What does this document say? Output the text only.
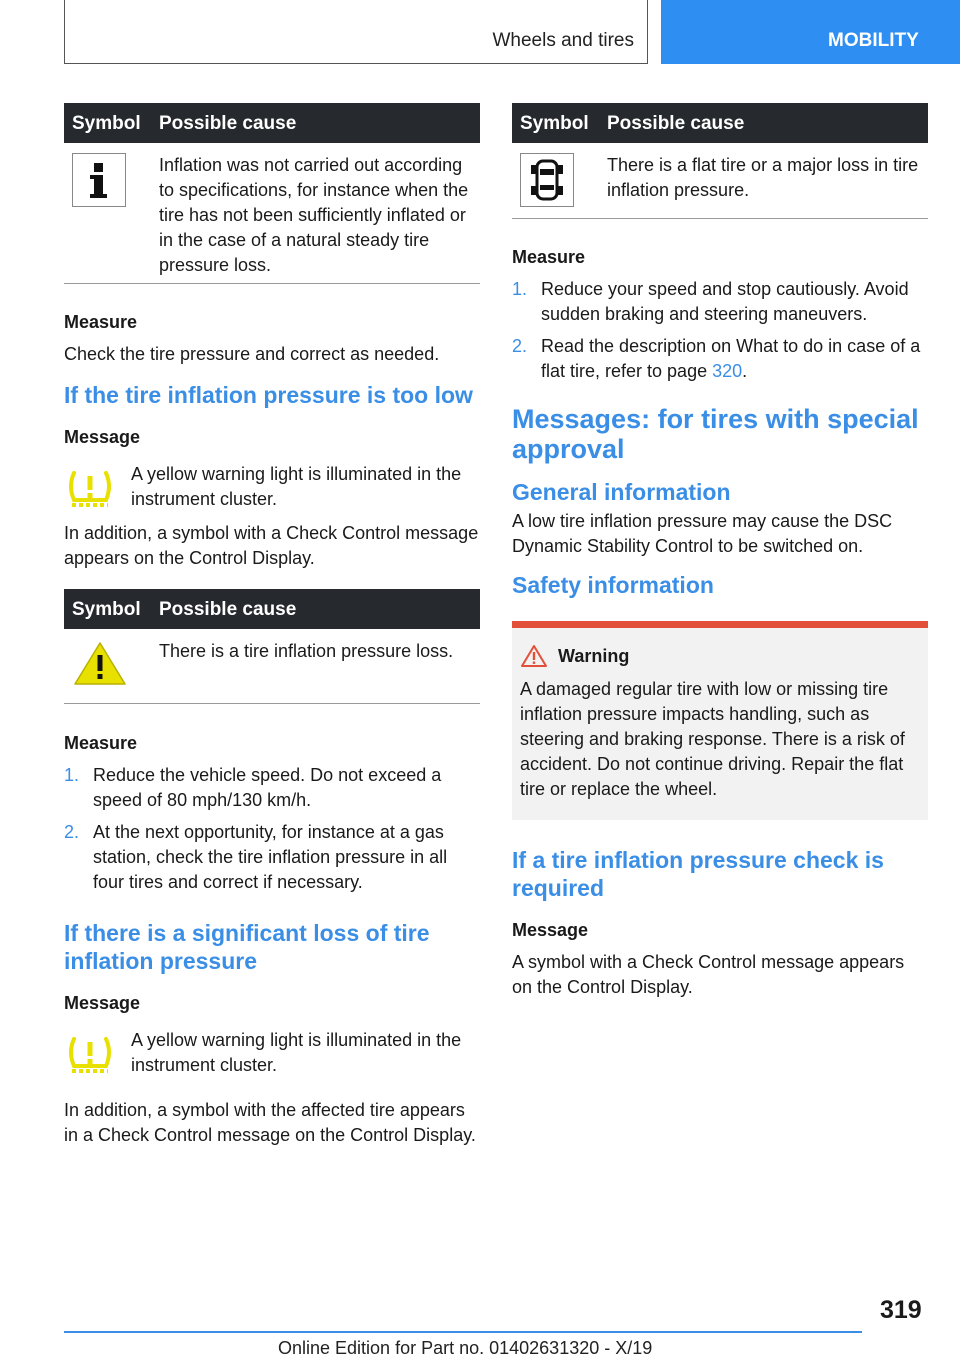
Wheels and tires	MOBILITY
Symbol Possible cause
Inflation was not carried out according to specifications, for instance when the tire has not been sufficiently inflated or in the case of a natural steady tire pressure loss.

Measure

Check the tire pressure and correct as needed.

If the tire inflation pressure is too low

Message

A yellow warning light is illuminated in the instrument cluster.

In addition, a symbol with a Check Control message appears on the Control Display.

Symbol Possible cause
There is a tire inflation pressure loss.

Measure

1. Reduce the vehicle speed. Do not exceed a speed of 80 mph/130 km/h.
2. At the next opportunity, for instance at a gas station, check the tire inflation pressure in all four tires and correct if necessary.
If there is a significant loss of tire inflation pressure

Message

A yellow warning light is illuminated in the instrument cluster.

In addition, a symbol with the affected tire appears in a Check Control message on the Control Display.

Symbol Possible cause
There is a flat tire or a major loss in tire inflation pressure.

Measure

1. Reduce your speed and stop cautiously. Avoid sudden braking and steering maneuvers.
2. Read the description on What to do in case of a flat tire, refer to page 320.
Messages: for tires with special approval
General information

A low tire inflation pressure may cause the DSC Dynamic Stability Control to be switched on.

Safety information
Warning
A damaged regular tire with low or missing tire inflation pressure impacts handling, such as steering and braking response. There is a risk of accident. Do not continue driving. Repair the flat tire or replace the wheel.
If a tire inflation pressure check is required

Message

A symbol with a Check Control message appears on the Control Display.

319
Online Edition for Part no. 01402631320 - X/19
